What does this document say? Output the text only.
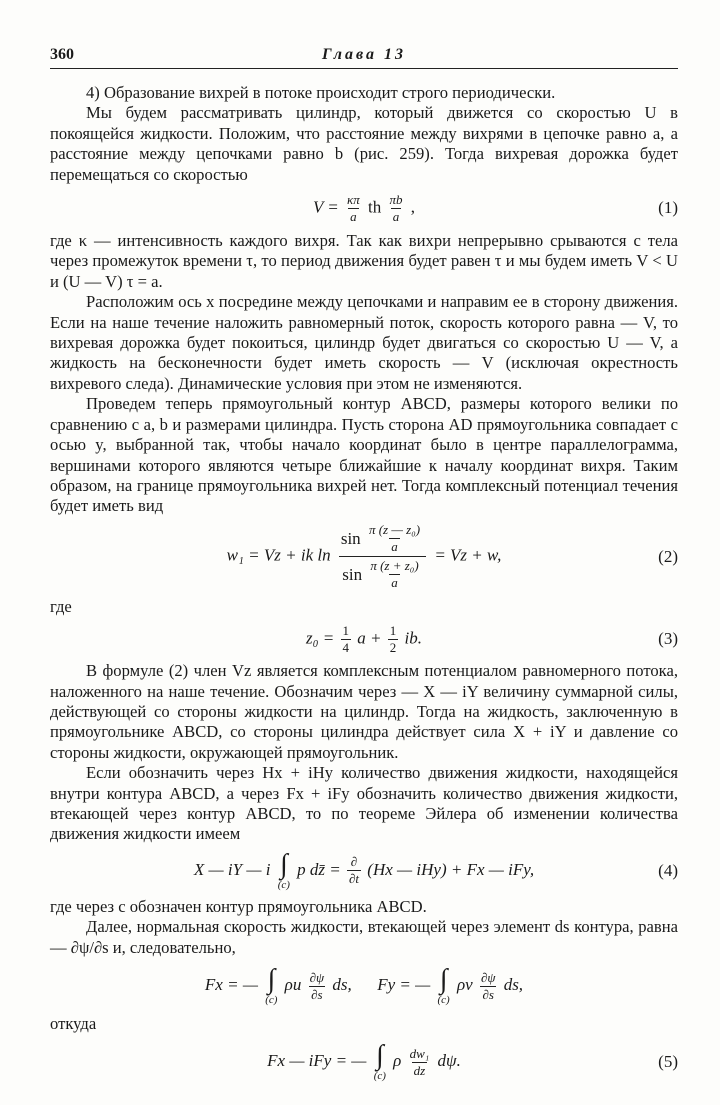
360	Глава 13

4) Образование вихрей в потоке происходит строго периодически.

Мы будем рассматривать цилиндр, который движется со скоростью U в покоящейся жидкости. Положим, что расстояние между вихрями в цепочке равно a, а расстояние между цепочками равно b (рис. 259). Тогда вихревая дорожка будет перемещаться со скоростью

$V = \frac{\kappa\pi}{a}$ th $\frac{\pi b}{a}$ ,	(1)

где κ — интенсивность каждого вихря. Так как вихри непрерывно срываются с тела через промежуток времени τ, то период движения будет равен τ и мы будем иметь V < U и (U — V) τ = a.

Расположим ось x посредине между цепочками и направим ее в сторону движения. Если на наше течение наложить равномерный поток, скорость которого равна — V, то вихревая дорожка будет покоиться, цилиндр будет двигаться со скоростью U — V, а жидкость на бесконечности будет иметь скорость — V (исключая окрестность вихревого следа). Динамические условия при этом не изменяются.

Проведем теперь прямоугольный контур ABCD, размеры которого велики по сравнению с a, b и размерами цилиндра. Пусть сторона AD прямоугольника совпадает с осью y, выбранной так, чтобы начало координат было в центре параллелограмма, вершинами которого являются четыре ближайшие к началу координат вихря. Таким образом, на границе прямоугольника вихрей нет. Тогда комплексный потенциал течения будет иметь вид

w₁ = Vz + ik ln sin
$\frac{\text{π (z — z₀)}}{a}$
sin
$\frac{\text{π (z + z₀)}}{a} = Vz + w$,	(2)

где

$z_0 = \frac{1}{4}$ $a + \frac{1}{2}$ ib.	(3)

В формуле (2) член Vz является комплексным потенциалом равномерного потока, наложенного на наше течение. Обозначим через — X — iY величину суммарной силы, действующей со стороны жидкости на цилиндр. Тогда на жидкость, заключенную в прямоугольнике ABCD, со стороны цилиндра действует сила X + iY и давление со стороны жидкости, окружающей прямоугольник.

Если обозначить через Hx + iHy количество движения жидкости, находящейся внутри контура ABCD, а через Fx + iFy обозначить количество движения жидкости, втекающей через контур ABCD, то по теореме Эйлера об изменении количества движения жидкости имеем

X — iY — i ∫
(c)
p dz̄ = $\frac{\partial}{\partial t} (Hx$ — iHy) + Fx — iFy,	(4)

где через c обозначен контур прямоугольника ABCD.

Далее, нормальная скорость жидкости, втекающей через элемент ds контура, равна — ∂ψ/∂s и, следовательно,

Fx = — ∫
(c)
ρu $\frac{\partial\psi}{\partial s}$ ds, Fy = — ∫
(c)
ρv $\frac{\partial\psi}{\partial s}$ ds,

откуда

Fx — iFy = — ∫
(c)
ρ $\frac{\text{dw₁}}{dz} d\psi$.	(5)
